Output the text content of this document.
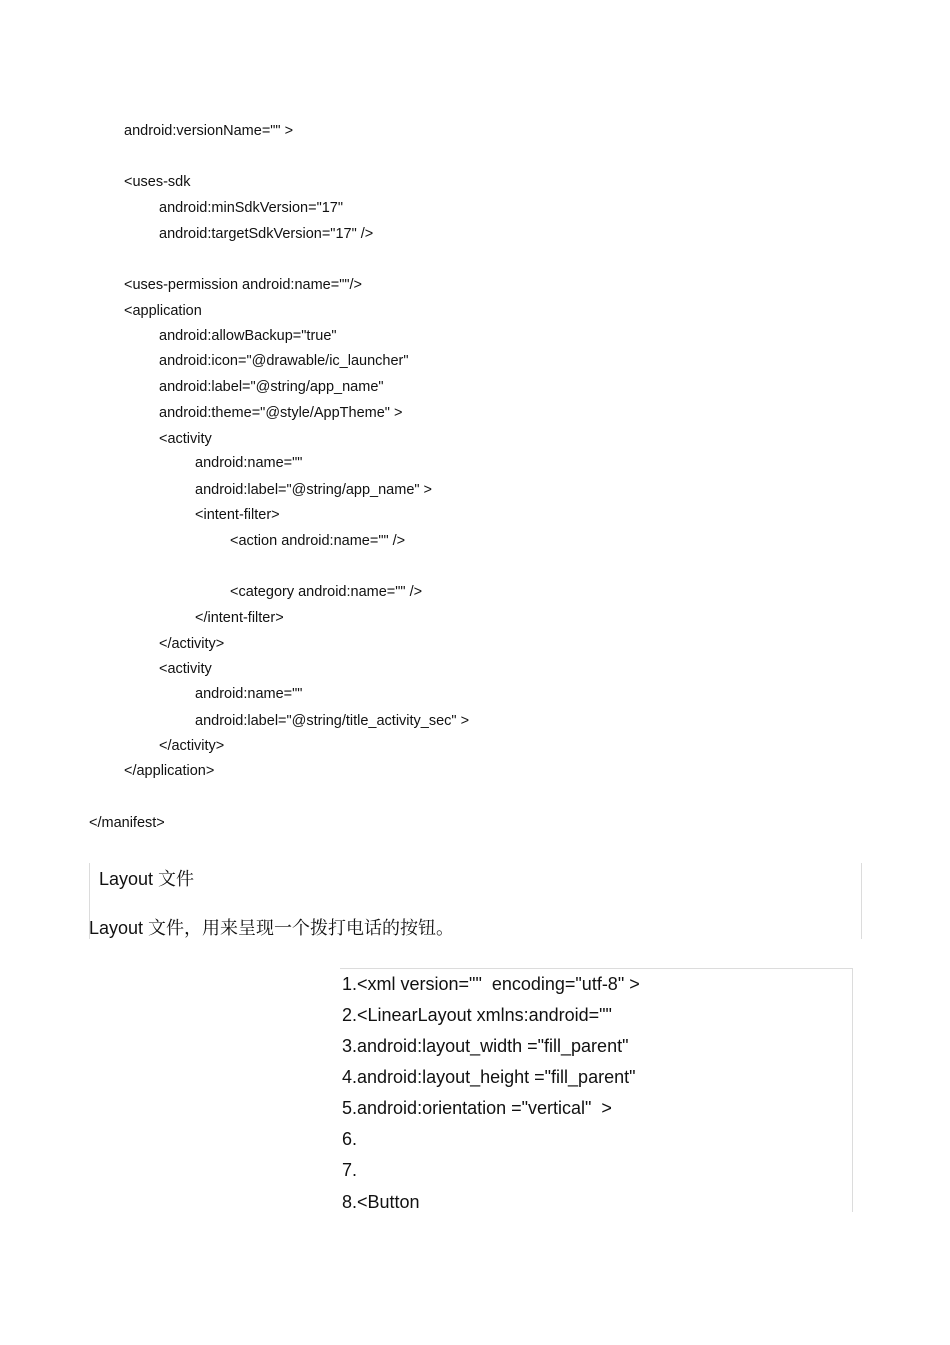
android:versionName="" >
<uses-sdk
android:minSdkVersion="17"
android:targetSdkVersion="17" />
<uses-permission android:name=""/>
<application
android:allowBackup="true"
android:icon="@drawable/ic_launcher"
android:label="@string/app_name"
android:theme="@style/AppTheme" >
<activity
android:name=""
android:label="@string/app_name" >
<intent-filter>
<action android:name="" />
<category android:name="" />
</intent-filter>
</activity>
<activity
android:name=""
android:label="@string/title_activity_sec" >
</activity>
</application>
</manifest>
Layout 文件
Layout 文件，用来呈现一个拨打电话的按钮。
1.<xml version=""  encoding="utf-8" >
2.<LinearLayout xmlns:android=""
3.android:layout_width ="fill_parent"
4.android:layout_height ="fill_parent"
5.android:orientation ="vertical"  >
6.
7.
8.<Button
